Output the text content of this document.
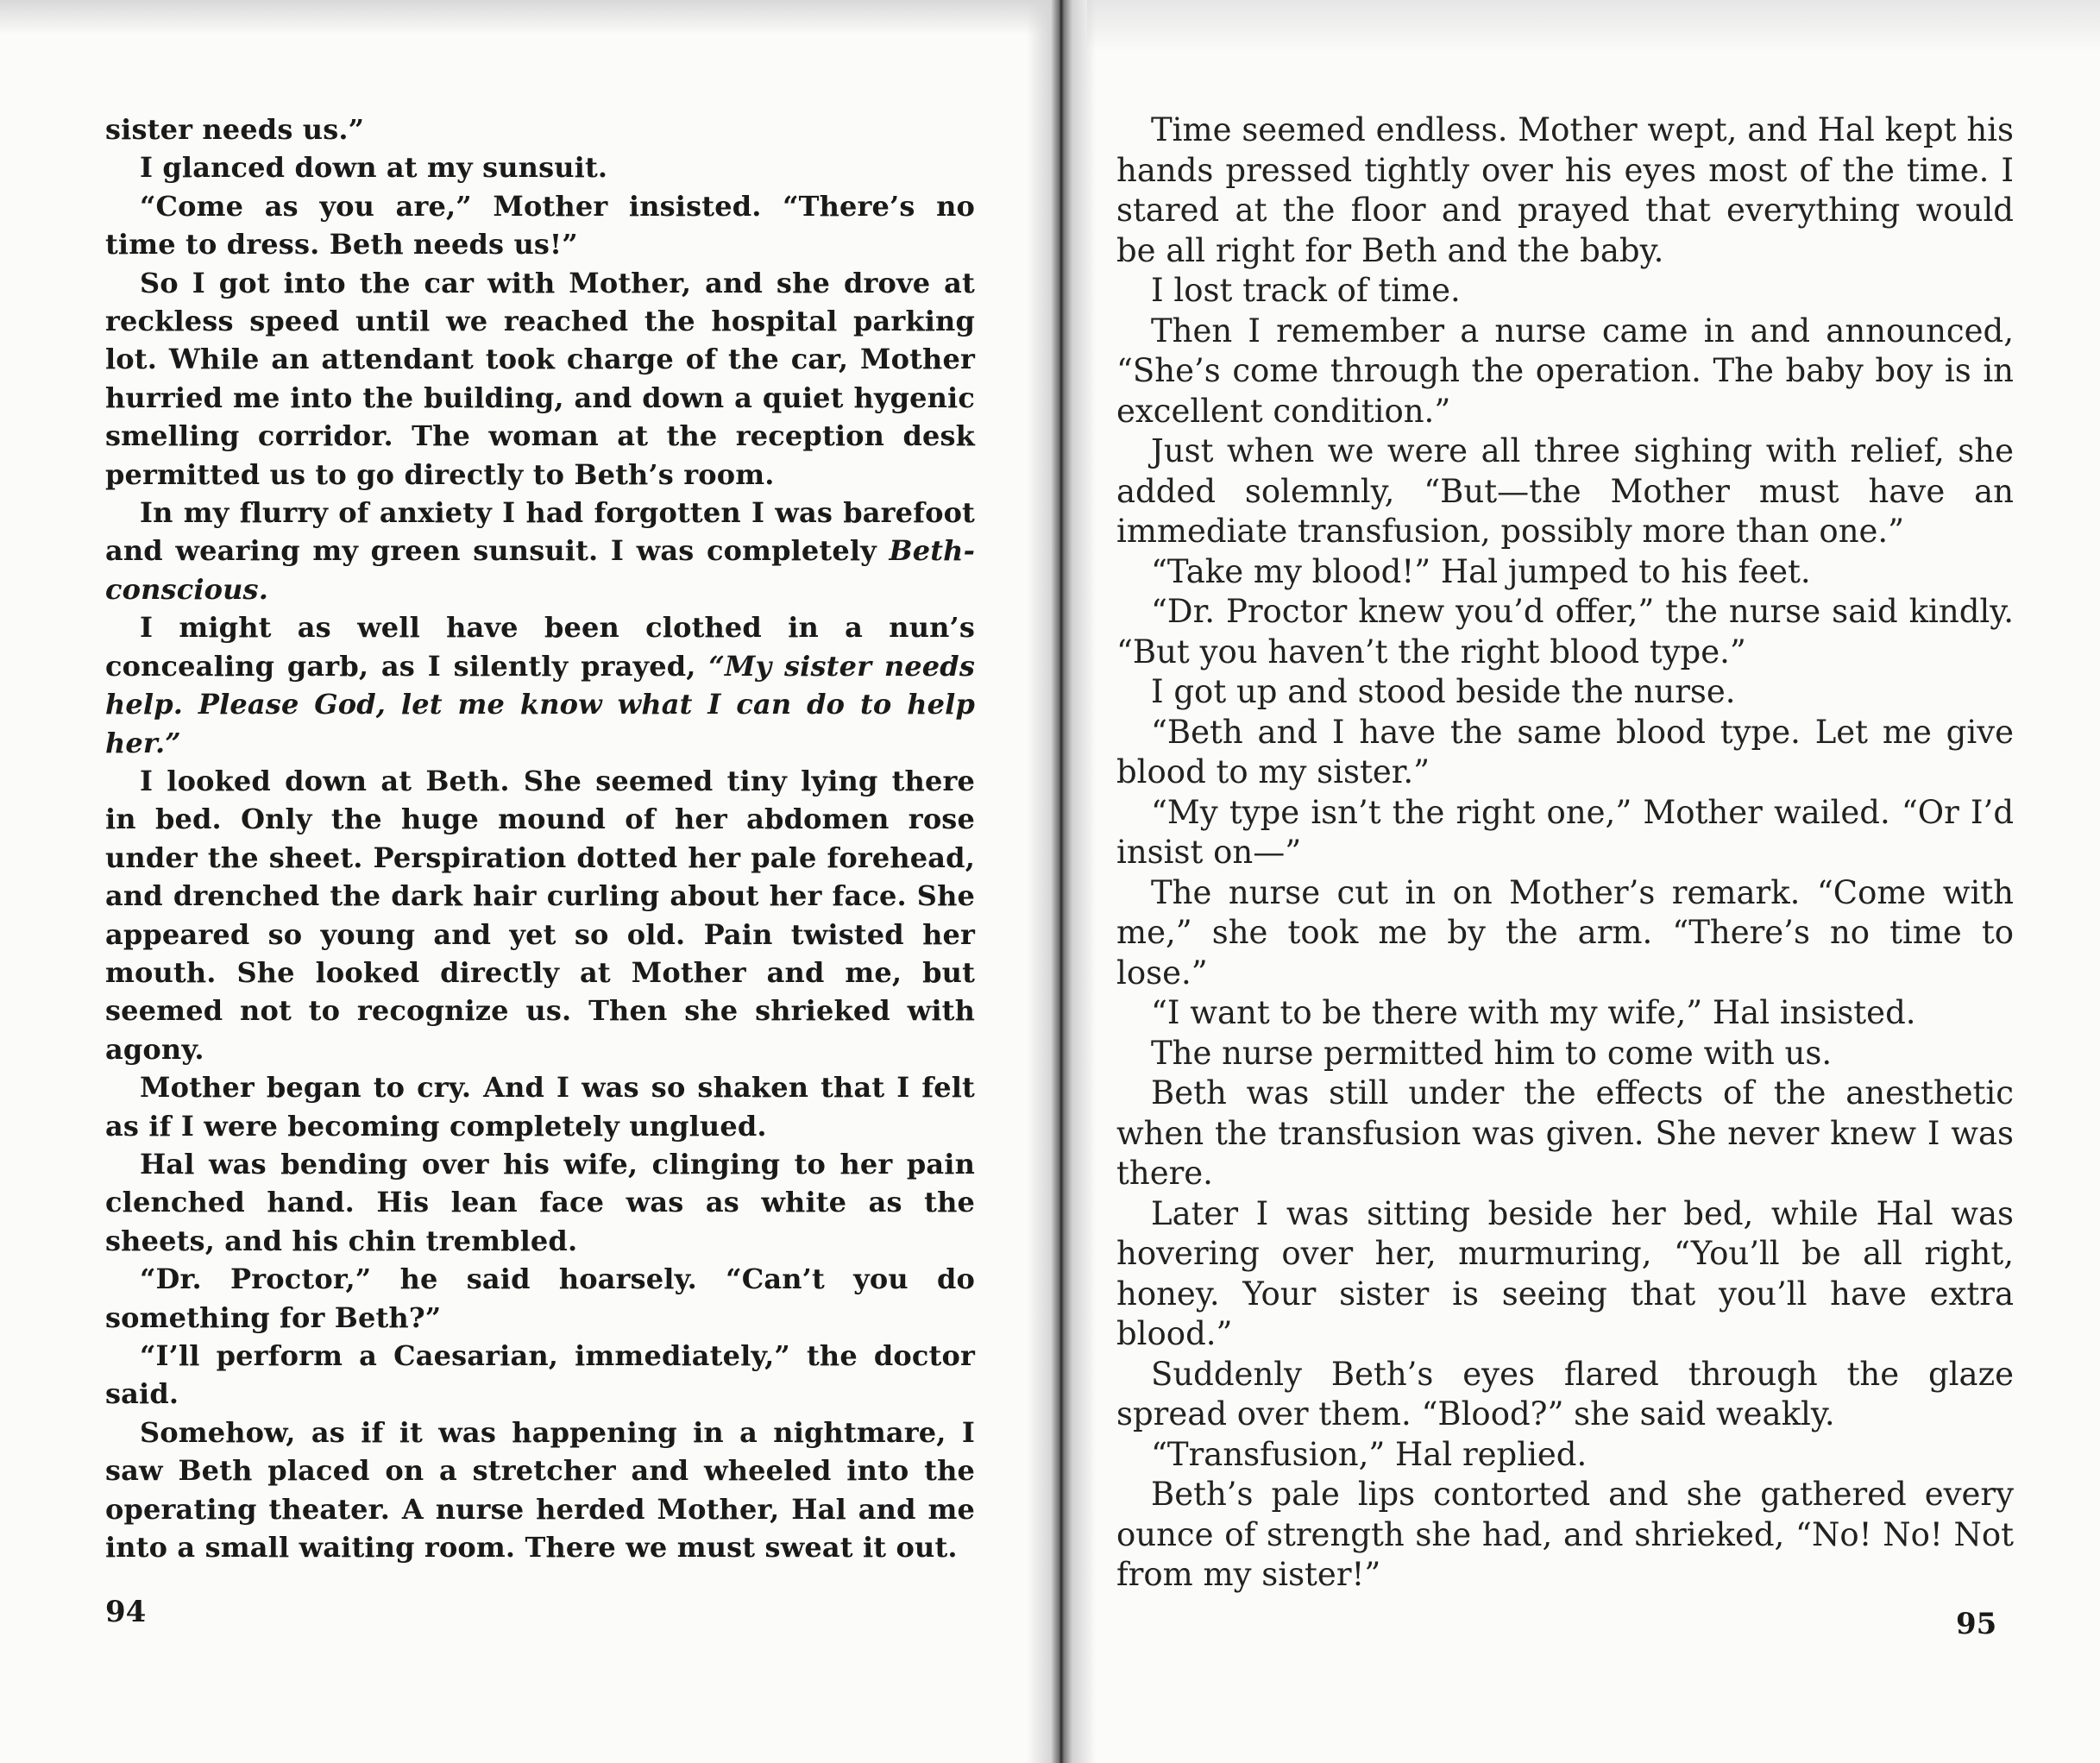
sister needs us.”

I glanced down at my sunsuit.

“Come as you are,” Mother insisted. “There’s no time to dress. Beth needs us!”

So I got into the car with Mother, and she drove at reckless speed until we reached the hospital parking lot. While an attendant took charge of the car, Mother hurried me into the building, and down a quiet hygenic smelling corridor. The woman at the reception desk permitted us to go directly to Beth’s room.

In my flurry of anxiety I had forgotten I was barefoot and wearing my green sunsuit. I was completely Beth-conscious.

I might as well have been clothed in a nun’s concealing garb, as I silently prayed, “My sister needs help. Please God, let me know what I can do to help her.”

I looked down at Beth. She seemed tiny lying there in bed. Only the huge mound of her abdomen rose under the sheet. Perspiration dotted her pale forehead, and drenched the dark hair curling about her face. She appeared so young and yet so old. Pain twisted her mouth. She looked directly at Mother and me, but seemed not to recognize us. Then she shrieked with agony.

Mother began to cry. And I was so shaken that I felt as if I were becoming completely unglued.

Hal was bending over his wife, clinging to her pain clenched hand. His lean face was as white as the sheets, and his chin trembled.

“Dr. Proctor,” he said hoarsely. “Can’t you do something for Beth?”

“I’ll perform a Caesarian, immediately,” the doctor said.

Somehow, as if it was happening in a nightmare, I saw Beth placed on a stretcher and wheeled into the operating theater. A nurse herded Mother, Hal and me into a small waiting room. There we must sweat it out.

94

Time seemed endless. Mother wept, and Hal kept his hands pressed tightly over his eyes most of the time. I stared at the floor and prayed that everything would be all right for Beth and the baby.

I lost track of time.

Then I remember a nurse came in and announced, “She’s come through the operation. The baby boy is in excellent condition.”

Just when we were all three sighing with relief, she added solemnly, “But—the Mother must have an immediate transfusion, possibly more than one.”

“Take my blood!” Hal jumped to his feet.

“Dr. Proctor knew you’d offer,” the nurse said kindly. “But you haven’t the right blood type.”

I got up and stood beside the nurse.

“Beth and I have the same blood type. Let me give blood to my sister.”

“My type isn’t the right one,” Mother wailed. “Or I’d insist on—”

The nurse cut in on Mother’s remark. “Come with me,” she took me by the arm. “There’s no time to lose.”

“I want to be there with my wife,” Hal insisted.

The nurse permitted him to come with us.

Beth was still under the effects of the anesthetic when the transfusion was given. She never knew I was there.

Later I was sitting beside her bed, while Hal was hovering over her, murmuring, “You’ll be all right, honey. Your sister is seeing that you’ll have extra blood.”

Suddenly Beth’s eyes flared through the glaze spread over them. “Blood?” she said weakly.

“Transfusion,” Hal replied.

Beth’s pale lips contorted and she gathered every ounce of strength she had, and shrieked, “No! No! Not from my sister!”

95
